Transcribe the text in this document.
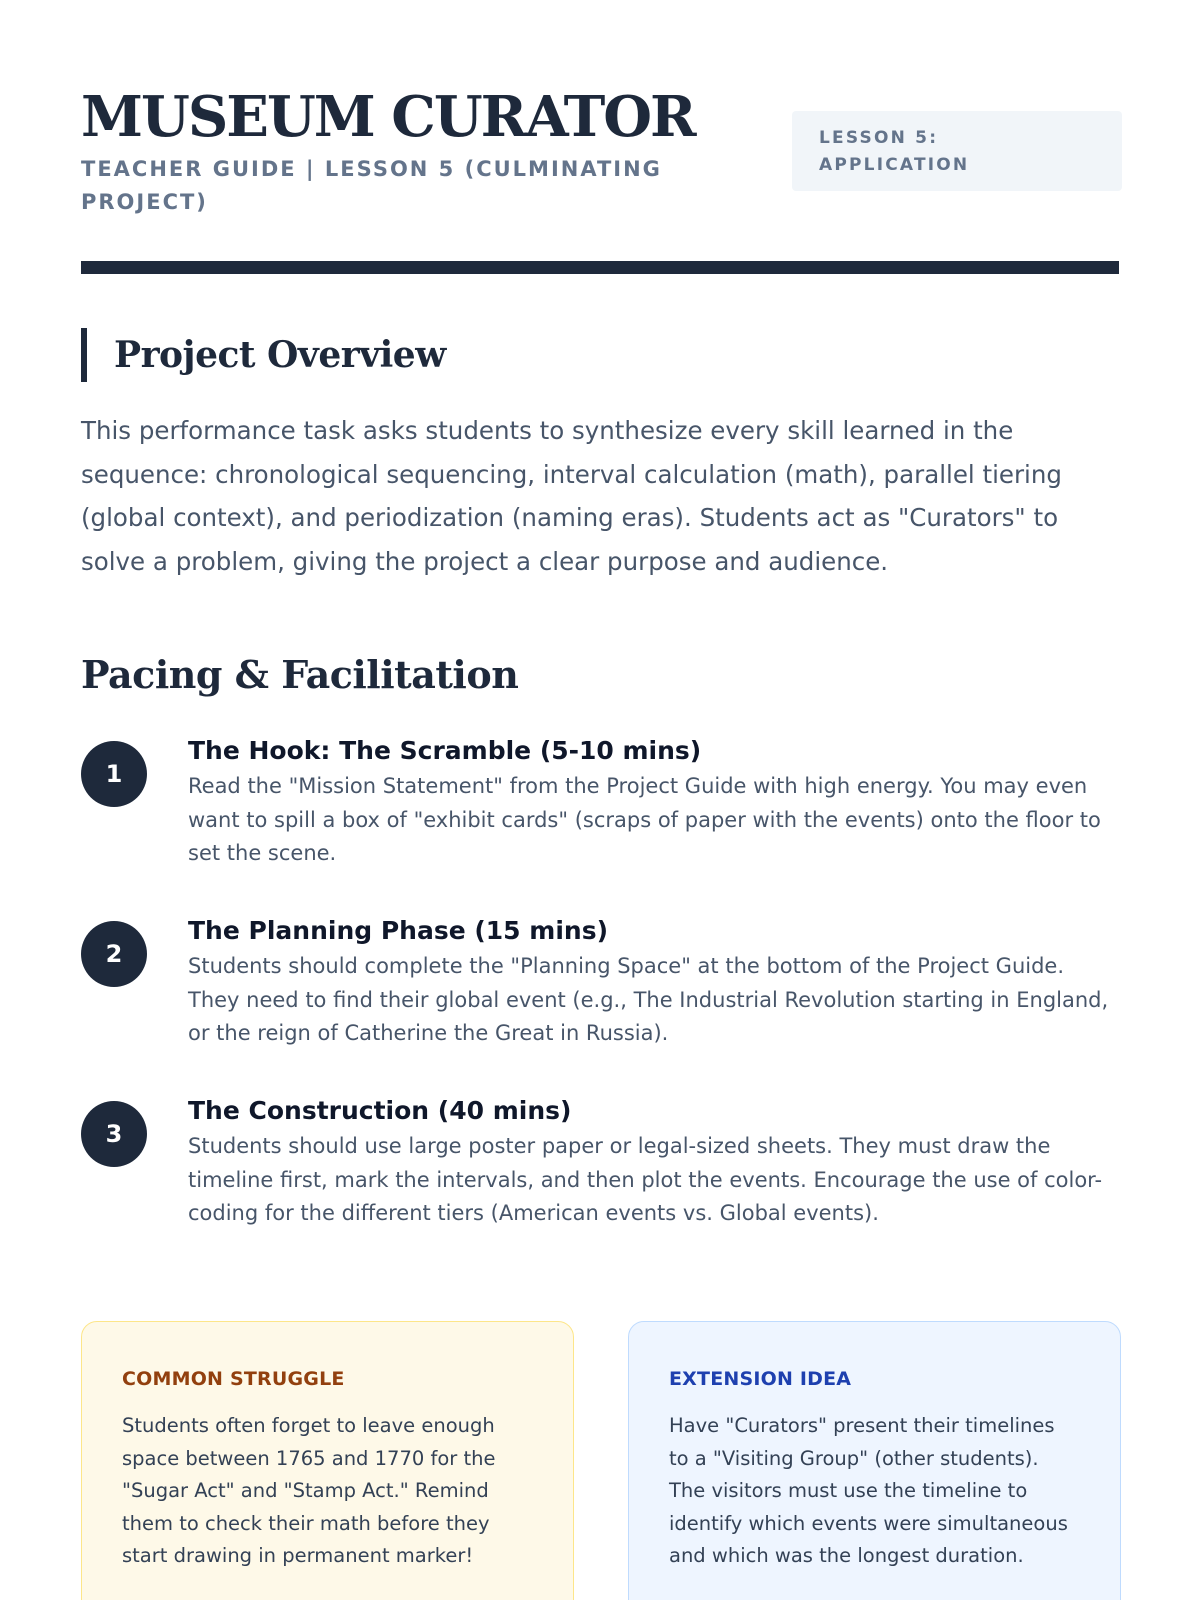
MUSEUM CURATOR
TEACHER GUIDE | LESSON 5 (CULMINATING PROJECT)
LESSON 5: APPLICATION
Project Overview

This performance task asks students to synthesize every skill learned in the sequence: chronological sequencing, interval calculation (math), parallel tiering (global context), and periodization (naming eras). Students act as "Curators" to solve a problem, giving the project a clear purpose and audience.

Pacing & Facilitation
1
The Hook: The Scramble (5-10 mins)

Read the "Mission Statement" from the Project Guide with high energy. You may even want to spill a box of "exhibit cards" (scraps of paper with the events) onto the floor to set the scene.

2
The Planning Phase (15 mins)

Students should complete the "Planning Space" at the bottom of the Project Guide. They need to find their global event (e.g., The Industrial Revolution starting in England, or the reign of Catherine the Great in Russia).

3
The Construction (40 mins)

Students should use large poster paper or legal-sized sheets. They must draw the timeline first, mark the intervals, and then plot the events. Encourage the use of color-coding for the different tiers (American events vs. Global events).

COMMON STRUGGLE

Students often forget to leave enough space between 1765 and 1770 for the "Sugar Act" and "Stamp Act." Remind them to check their math before they start drawing in permanent marker!

EXTENSION IDEA

Have "Curators" present their timelines to a "Visiting Group" (other students). The visitors must use the timeline to identify which events were simultaneous and which was the longest duration.
